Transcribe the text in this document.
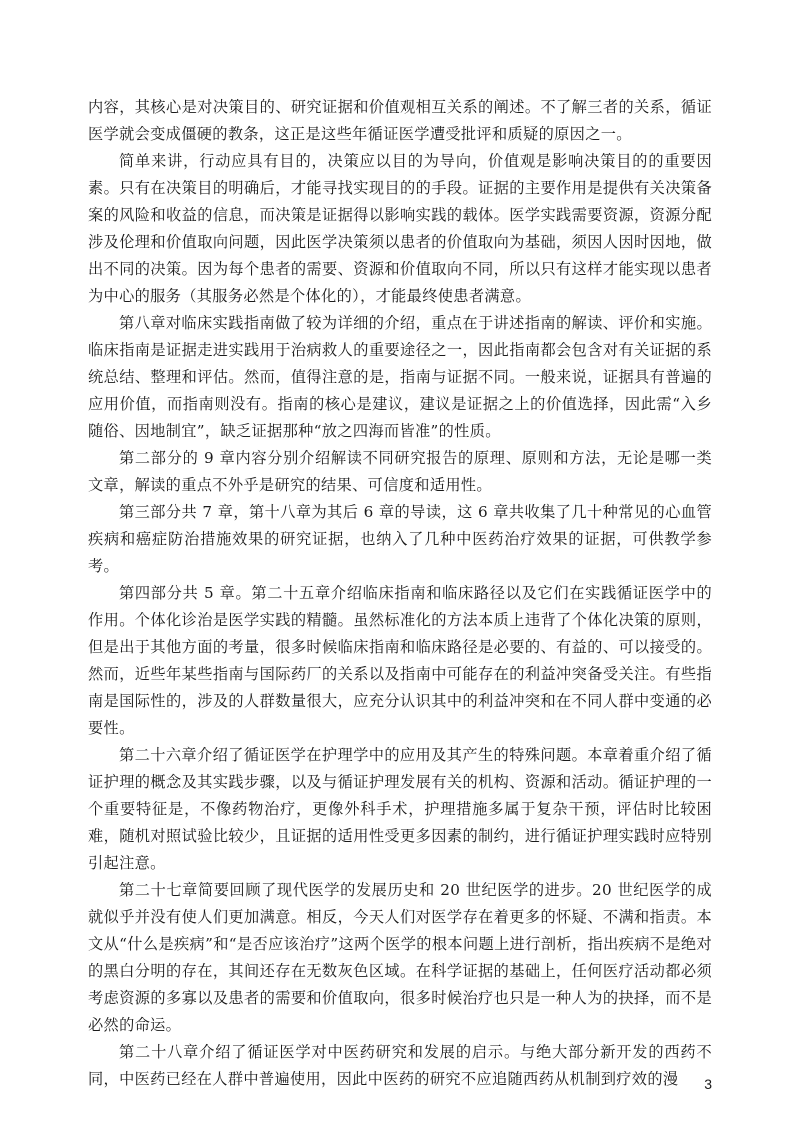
内容，其核心是对决策目的、研究证据和价值观相互关系的阐述。不了解三者的关系，循证医学就会变成僵硬的教条，这正是这些年循证医学遭受批评和质疑的原因之一。

简单来讲，行动应具有目的，决策应以目的为导向，价值观是影响决策目的的重要因素。只有在决策目的明确后，才能寻找实现目的的手段。证据的主要作用是提供有关决策备案的风险和收益的信息，而决策是证据得以影响实践的载体。医学实践需要资源，资源分配涉及伦理和价值取向问题，因此医学决策须以患者的价值取向为基础，须因人因时因地，做出不同的决策。因为每个患者的需要、资源和价值取向不同，所以只有这样才能实现以患者为中心的服务（其服务必然是个体化的），才能最终使患者满意。

第八章对临床实践指南做了较为详细的介绍，重点在于讲述指南的解读、评价和实施。临床指南是证据走进实践用于治病救人的重要途径之一，因此指南都会包含对有关证据的系统总结、整理和评估。然而，值得注意的是，指南与证据不同。一般来说，证据具有普遍的应用价值，而指南则没有。指南的核心是建议，建议是证据之上的价值选择，因此需“入乡随俗、因地制宜”，缺乏证据那种“放之四海而皆准”的性质。

第二部分的 9 章内容分别介绍解读不同研究报告的原理、原则和方法，无论是哪一类文章，解读的重点不外乎是研究的结果、可信度和适用性。

第三部分共 7 章，第十八章为其后 6 章的导读，这 6 章共收集了几十种常见的心血管疾病和癌症防治措施效果的研究证据，也纳入了几种中医药治疗效果的证据，可供教学参考。

第四部分共 5 章。第二十五章介绍临床指南和临床路径以及它们在实践循证医学中的作用。个体化诊治是医学实践的精髓。虽然标准化的方法本质上违背了个体化决策的原则，但是出于其他方面的考量，很多时候临床指南和临床路径是必要的、有益的、可以接受的。然而，近些年某些指南与国际药厂的关系以及指南中可能存在的利益冲突备受关注。有些指南是国际性的，涉及的人群数量很大，应充分认识其中的利益冲突和在不同人群中变通的必要性。

第二十六章介绍了循证医学在护理学中的应用及其产生的特殊问题。本章着重介绍了循证护理的概念及其实践步骤，以及与循证护理发展有关的机构、资源和活动。循证护理的一个重要特征是，不像药物治疗，更像外科手术，护理措施多属于复杂干预，评估时比较困难，随机对照试验比较少，且证据的适用性受更多因素的制约，进行循证护理实践时应特别引起注意。

第二十七章简要回顾了现代医学的发展历史和 20 世纪医学的进步。20 世纪医学的成就似乎并没有使人们更加满意。相反，今天人们对医学存在着更多的怀疑、不满和指责。本文从“什么是疾病”和“是否应该治疗”这两个医学的根本问题上进行剖析，指出疾病不是绝对的黑白分明的存在，其间还存在无数灰色区域。在科学证据的基础上，任何医疗活动都必须考虑资源的多寡以及患者的需要和价值取向，很多时候治疗也只是一种人为的抉择，而不是必然的命运。

第二十八章介绍了循证医学对中医药研究和发展的启示。与绝大部分新开发的西药不同，中医药已经在人群中普遍使用，因此中医药的研究不应追随西药从机制到疗效的漫	3
